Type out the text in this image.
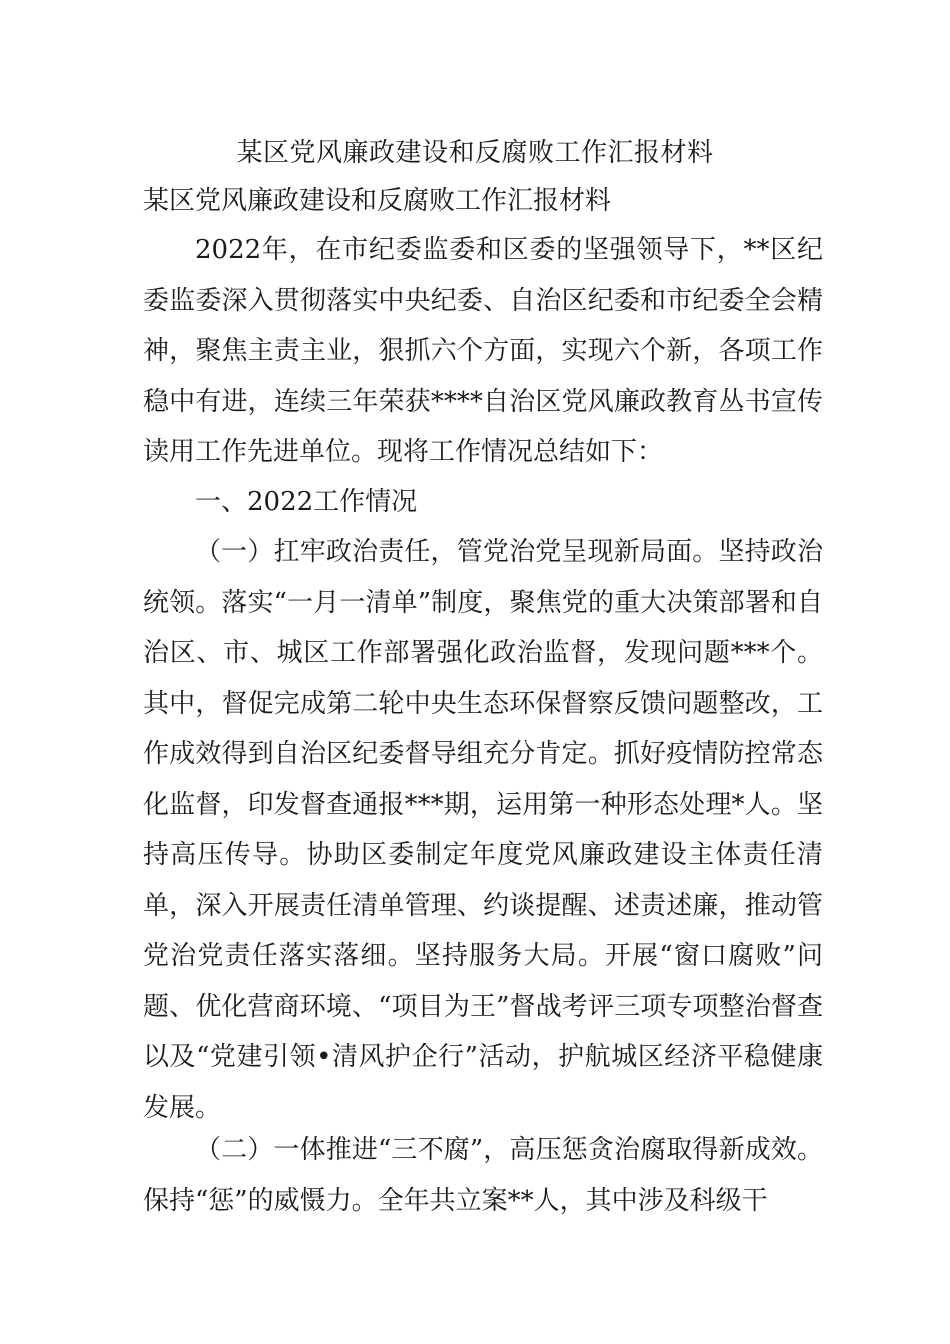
某区党风廉政建设和反腐败工作汇报材料
某区党风廉政建设和反腐败工作汇报材料

2022年，在市纪委监委和区委的坚强领导下，**区纪委监委深入贯彻落实中央纪委、自治区纪委和市纪委全会精神，聚焦主责主业，狠抓六个方面，实现六个新，各项工作稳中有进，连续三年荣获****自治区党风廉政教育丛书宣传读用工作先进单位。现将工作情况总结如下：

一、2022工作情况

（一）扛牢政治责任，管党治党呈现新局面。坚持政治统领。落实“一月一清单”制度，聚焦党的重大决策部署和自治区、市、城区工作部署强化政治监督，发现问题***个。其中，督促完成第二轮中央生态环保督察反馈问题整改，工作成效得到自治区纪委督导组充分肯定。抓好疫情防控常态化监督，印发督查通报***期，运用第一种形态处理*人。坚持高压传导。协助区委制定年度党风廉政建设主体责任清单，深入开展责任清单管理、约谈提醒、述责述廉，推动管党治党责任落实落细。坚持服务大局。开展“窗口腐败”问题、优化营商环境、“项目为王”督战考评三项专项整治督查以及“党建引领•清风护企行”活动，护航城区经济平稳健康发展。

（二）一体推进“三不腐”，高压惩贪治腐取得新成效。保持“惩”的威慑力。全年共立案**人，其中涉及科级干
